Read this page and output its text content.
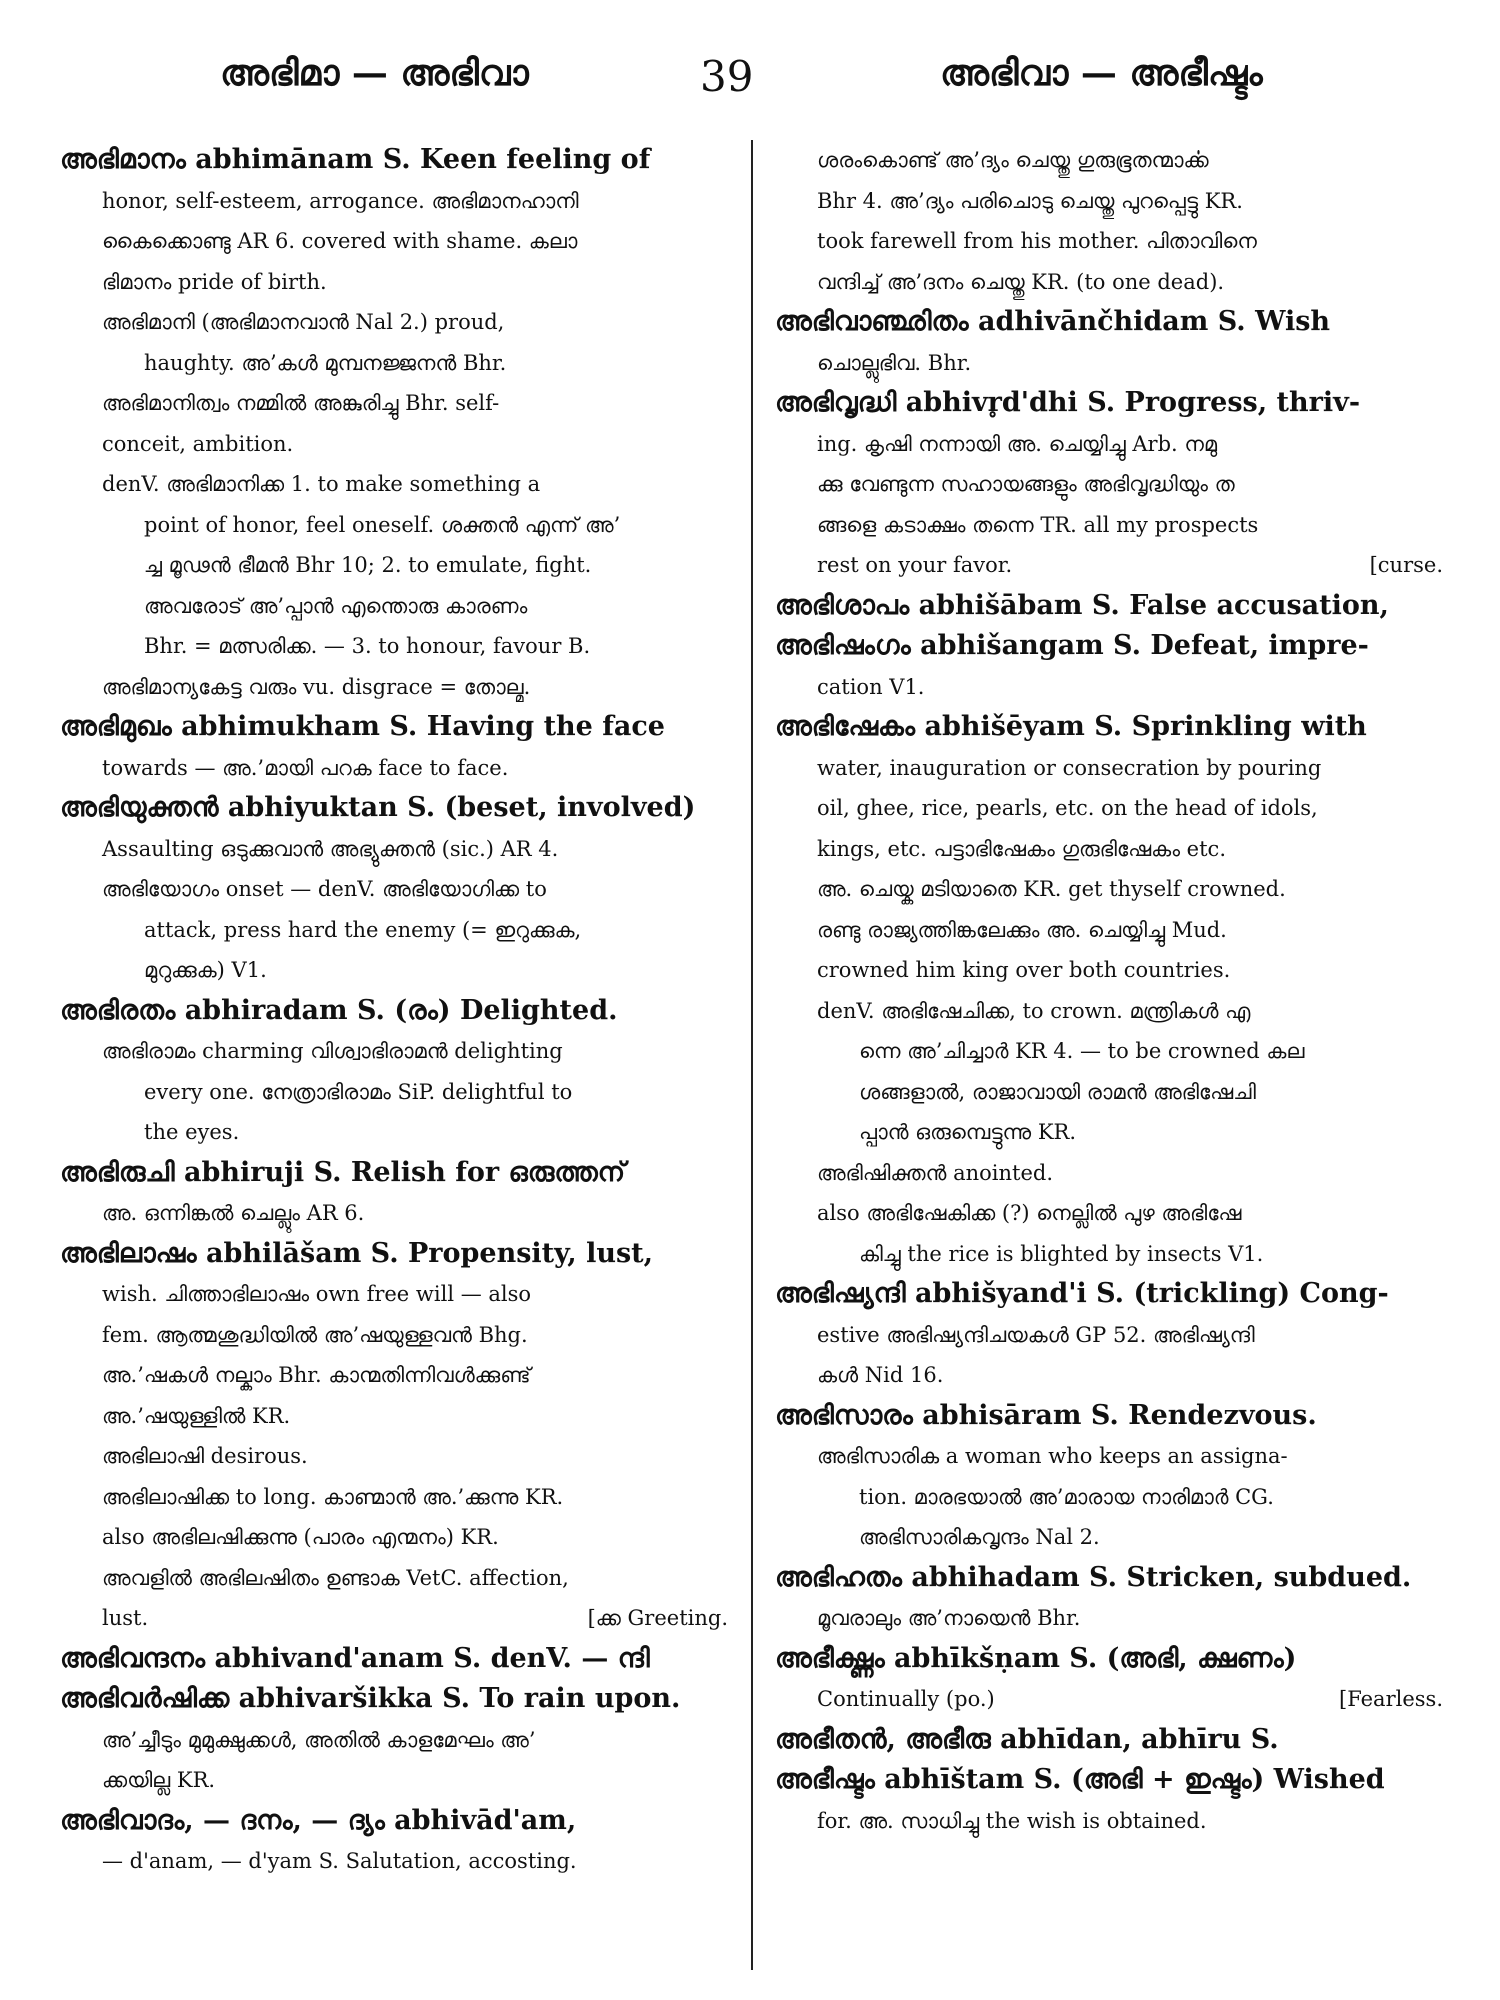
അഭിമാ — അഭിവാ	39	അഭിവാ — അഭീഷ്ടം
അഭിമാനം abhimānam S. Keen feeling of
honor, self-esteem, arrogance. അഭിമാനഹാനി
കൈക്കൊണ്ടു AR 6. covered with shame. കലാ
ഭിമാനം pride of birth.
അഭിമാനി (അഭിമാനവാൻ Nal 2.) proud,
haughty. അ’കൾ മുമ്പനജ്ജനൻ Bhr.
അഭിമാനിത്വം നമ്മിൽ അങ്കുരിച്ചു Bhr. self-
conceit, ambition.
denV. അഭിമാനിക്ക 1. to make something a
point of honor, feel oneself. ശക്തൻ എന്ന് അ’
ച്ച മൂഢൻ ഭീമൻ Bhr 10; 2. to emulate, fight.
അവരോട് അ’പ്പാൻ എന്തൊരു കാരണം
Bhr. = മത്സരിക്ക. — 3. to honour, favour B.
അഭിമാന്യകേട്ട വരും vu. disgrace = തോല്മ.
അഭിമുഖം abhimukham S. Having the face
towards — അ.’മായി പറക face to face.
അഭിയുക്തൻ abhiyuktan S. (beset, involved)
Assaulting ഒടുക്കുവാൻ അഭ്യുക്തൻ (sic.) AR 4.
അഭിയോഗം onset — denV. അഭിയോഗിക്ക to
attack, press hard the enemy (= ഇറുക്കുക,
മുറുക്കുക) V1.
അഭിരതം abhiradam S. (രം) Delighted.
അഭിരാമം charming വിശ്വാഭിരാമൻ delighting
every one. നേത്രാഭിരാമം SiP. delightful to
the eyes.
അഭിരുചി abhiruji S. Relish for ഒരുത്തന്
അ. ഒന്നിങ്കൽ ചെല്ലും AR 6.
അഭിലാഷം abhilāšam S. Propensity, lust,
wish. ചിത്താഭിലാഷം own free will — also
fem. ആത്മശുദ്ധിയിൽ അ’ഷയുള്ളവൻ Bhg.
അ.’ഷകൾ നല്കാം Bhr. കാന്മതിന്നിവൾക്കുണ്ട്
അ.’ഷയുള്ളിൽ KR.
അഭിലാഷി desirous.
അഭിലാഷിക്ക to long. കാണ്മാൻ അ.’ക്കുന്നു KR.
also അഭിലഷിക്കുന്നു (പാരം എന്മനം) KR.
അവളിൽ അഭിലഷിതം ഉണ്ടാക VetC. affection,
lust.	[ക്ക Greeting.
അഭിവന്ദനം abhivand'anam S. denV. — ന്ദി
അഭിവർഷിക്ക abhivaršikka S. To rain upon.
അ’ച്ചീടും മുമുക്ഷുക്കൾ, അതിൽ കാളമേഘം അ’
ക്കയില്ല KR.
അഭിവാദം, — ദനം, — ദ്യം abhivād'am,
— d'anam, — d'yam S. Salutation, accosting.
ശരംകൊണ്ട് അ’ദ്യം ചെയ്തു ഗുരുഭൂതന്മാൎക്ക
Bhr 4. അ’ദ്യം പരിചൊടു ചെയ്തു പുറപ്പെട്ടു KR.
took farewell from his mother. പിതാവിനെ
വന്ദിച്ച് അ’ദനം ചെയ്തു KR. (to one dead).
അഭിവാഞ്ഛിതം adhivānčhidam S. Wish
ചൊല്ലുഭിവ. Bhr.
അഭിവൃദ്ധി abhivr̥d'dhi S. Progress, thriv-
ing. കൃഷി നന്നായി അ. ചെയ്യിച്ചു Arb. നമു
ക്കു വേണ്ടുന്ന സഹായങ്ങളും അഭിവൃദ്ധിയും ത
ങ്ങളെ കടാക്ഷം തന്നെ TR. all my prospects
rest on your favor.	[curse.
അഭിശാപം abhišābam S. False accusation,
അഭിഷംഗം abhišangam S. Defeat, impre-
cation V1.
അഭിഷേകം abhišēyam S. Sprinkling with
water, inauguration or consecration by pouring
oil, ghee, rice, pearls, etc. on the head of idols,
kings, etc. പട്ടാഭിഷേകം ഗുരുഭിഷേകം etc.
അ. ചെയ്ക മടിയാതെ KR. get thyself crowned.
രണ്ടു രാജ്യത്തിങ്കലേക്കും അ. ചെയ്യിച്ചു Mud.
crowned him king over both countries.
denV. അഭിഷേചിക്ക, to crown. മന്ത്രികൾ എ
ന്നെ അ’ചിച്ചാർ KR 4. — to be crowned കല
ശങ്ങളാൽ, രാജാവായി രാമൻ അഭിഷേചി
പ്പാൻ ഒരുമ്പെട്ടുന്നു KR.
അഭിഷിക്തൻ anointed.
also അഭിഷേകിക്ക (?) നെല്ലിൽ പുഴ അഭിഷേ
കിച്ചു the rice is blighted by insects V1.
അഭിഷ്യന്ദി abhišyand'i S. (trickling) Cong-
estive അഭിഷ്യന്ദിചയകൾ GP 52. അഭിഷ്യന്ദി
കൾ Nid 16.
അഭിസാരം abhisāram S. Rendezvous.
അഭിസാരിക a woman who keeps an assigna-
tion. മാരഭയാൽ അ’മാരായ നാരിമാർ CG.
അഭിസാരികവൃന്ദം Nal 2.
അഭിഹതം abhihadam S. Stricken, subdued.
മൂവരാലും അ’നായെൻ Bhr.
അഭീക്ഷ്ണം abhīkšṇam S. (അഭി, ക്ഷണം)
Continually (po.)	[Fearless.
അഭീതൻ, അഭീരു abhīdan, abhīru S.
അഭീഷ്ടം abhīštam S. (അഭി + ഇഷ്ടം) Wished
for. അ. സാധിച്ചു the wish is obtained.
